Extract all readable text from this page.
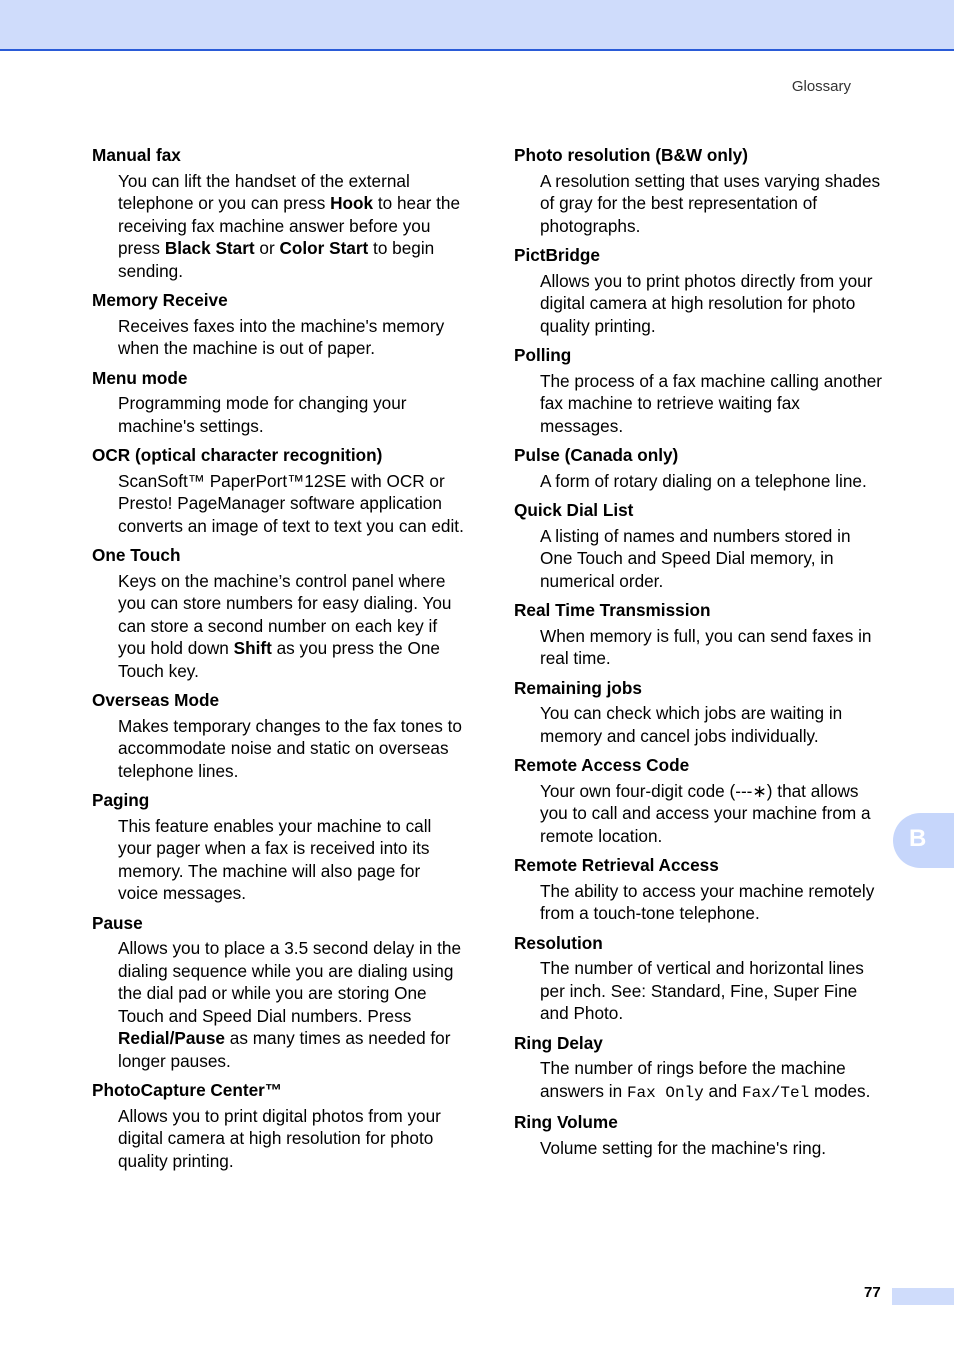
Glossary
Manual fax
You can lift the handset of the external telephone or you can press Hook to hear the receiving fax machine answer before you press Black Start or Color Start to begin sending.
Memory Receive
Receives faxes into the machine's memory when the machine is out of paper.
Menu mode
Programming mode for changing your machine's settings.
OCR (optical character recognition)
ScanSoft™ PaperPort™12SE with OCR or Presto! PageManager software application converts an image of text to text you can edit.
One Touch
Keys on the machine’s control panel where you can store numbers for easy dialing. You can store a second number on each key if you hold down Shift as you press the One Touch key.
Overseas Mode
Makes temporary changes to the fax tones to accommodate noise and static on overseas telephone lines.
Paging
This feature enables your machine to call your pager when a fax is received into its memory. The machine will also page for voice messages.
Pause
Allows you to place a 3.5 second delay in the dialing sequence while you are dialing using the dial pad or while you are storing One Touch and Speed Dial numbers. Press Redial/Pause as many times as needed for longer pauses.
PhotoCapture Center™
Allows you to print digital photos from your digital camera at high resolution for photo quality printing.
Photo resolution (B&W only)
A resolution setting that uses varying shades of gray for the best representation of photographs.
PictBridge
Allows you to print photos directly from your digital camera at high resolution for photo quality printing.
Polling
The process of a fax machine calling another fax machine to retrieve waiting fax messages.
Pulse (Canada only)
A form of rotary dialing on a telephone line.
Quick Dial List
A listing of names and numbers stored in One Touch and Speed Dial memory, in numerical order.
Real Time Transmission
When memory is full, you can send faxes in real time.
Remaining jobs
You can check which jobs are waiting in memory and cancel jobs individually.
Remote Access Code
Your own four-digit code (---∗) that allows you to call and access your machine from a remote location.
Remote Retrieval Access
The ability to access your machine remotely from a touch-tone telephone.
Resolution
The number of vertical and horizontal lines per inch. See: Standard, Fine, Super Fine and Photo.
Ring Delay
The number of rings before the machine answers in Fax Only and Fax/Tel modes.
Ring Volume
Volume setting for the machine's ring.
B
77
